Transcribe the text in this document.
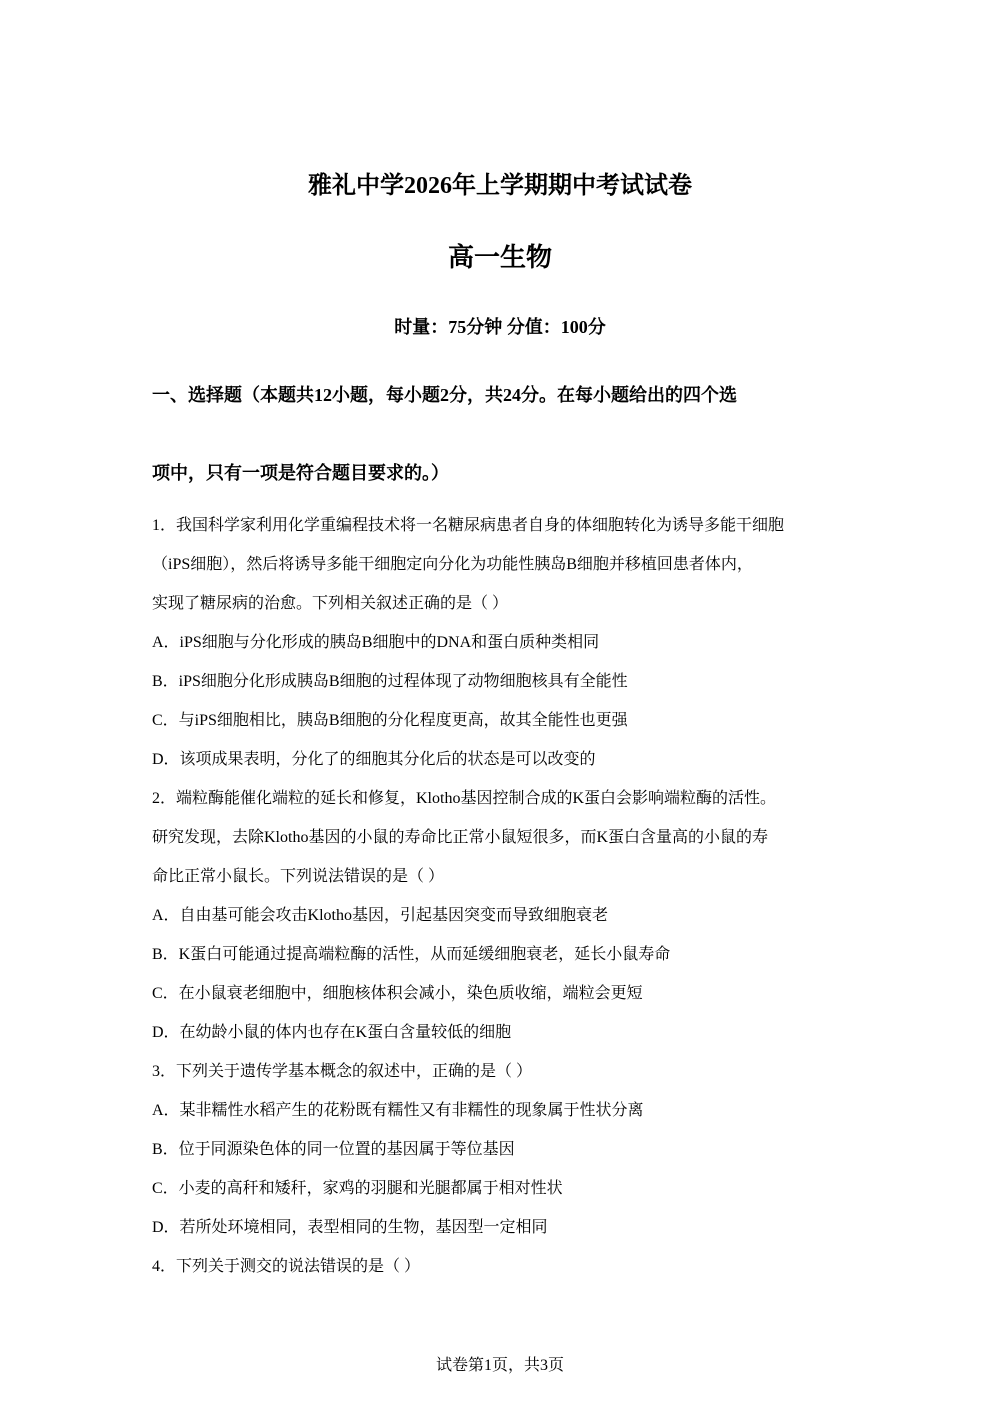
雅礼中学2026年上学期期中考试试卷
高一生物
时量：75分钟 分值：100分
一、选择题（本题共12小题，每小题2分，共24分。在每小题给出的四个选
项中，只有一项是符合题目要求的。）

1．我国科学家利用化学重编程技术将一名糖尿病患者自身的体细胞转化为诱导多能干细胞

（iPS细胞），然后将诱导多能干细胞定向分化为功能性胰岛B细胞并移植回患者体内，

实现了糖尿病的治愈。下列相关叙述正确的是（ ）

A．iPS细胞与分化形成的胰岛B细胞中的DNA和蛋白质种类相同

B．iPS细胞分化形成胰岛B细胞的过程体现了动物细胞核具有全能性

C．与iPS细胞相比，胰岛B细胞的分化程度更高，故其全能性也更强

D．该项成果表明，分化了的细胞其分化后的状态是可以改变的

2．端粒酶能催化端粒的延长和修复，Klotho基因控制合成的K蛋白会影响端粒酶的活性。

研究发现，去除Klotho基因的小鼠的寿命比正常小鼠短很多，而K蛋白含量高的小鼠的寿

命比正常小鼠长。下列说法错误的是（ ）

A．自由基可能会攻击Klotho基因，引起基因突变而导致细胞衰老

B．K蛋白可能通过提高端粒酶的活性，从而延缓细胞衰老，延长小鼠寿命

C．在小鼠衰老细胞中，细胞核体积会减小，染色质收缩，端粒会更短

D．在幼龄小鼠的体内也存在K蛋白含量较低的细胞

3．下列关于遗传学基本概念的叙述中，正确的是（ ）

A．某非糯性水稻产生的花粉既有糯性又有非糯性的现象属于性状分离

B．位于同源染色体的同一位置的基因属于等位基因

C．小麦的高秆和矮秆，家鸡的羽腿和光腿都属于相对性状

D．若所处环境相同，表型相同的生物，基因型一定相同

4．下列关于测交的说法错误的是（ ）

试卷第1页，共3页
